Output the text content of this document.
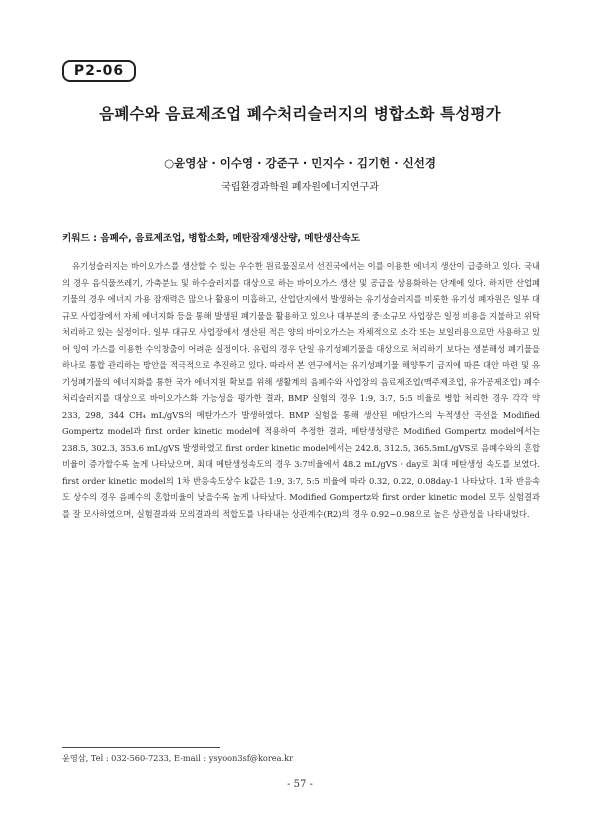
P2-06
음폐수와 음료제조업 폐수처리슬러지의 병합소화 특성평가
○윤영삼 · 이수영 · 강준구 · 민지수 · 김기헌 · 신선경
국립환경과학원 폐자원에너지연구과
키워드 : 음폐수, 음료제조업, 병합소화, 메탄잠재생산량, 메탄생산속도

유기성슬러지는 바이오가스를 생산할 수 있는 우수한 원료물질로서 선진국에서는 이를 이용한 에너지 생산이 급증하고 있다. 국내의 경우 음식물쓰레기, 가축분뇨 및 하수슬러지를 대상으로 하는 바이오가스 생산 및 공급을 상용화하는 단계에 있다. 하지만 산업폐기물의 경우 에너지 가용 잠재력은 많으나 활용이 미흡하고, 산업단지에서 발생하는 유기성슬러지를 비롯한 유기성 폐자원은 일부 대규모 사업장에서 자체 에너지화 등을 통해 발생된 폐기물을 활용하고 있으나 대부분의 중·소규모 사업장은 일정 비용을 지불하고 위탁처리하고 있는 실정이다. 일부 대규모 사업장에서 생산된 적은 양의 바이오가스는 자체적으로 소각 또는 보일러용으로만 사용하고 있어 잉여 가스를 이용한 수익창출이 어려운 실정이다. 유럽의 경우 단일 유기성폐기물을 대상으로 처리하기 보다는 생분해성 폐기물을 하나로 통합 관리하는 방안을 적극적으로 추진하고 있다. 따라서 본 연구에서는 유기성폐기물 해양투기 금지에 따른 대안 마련 및 유기성폐기물의 에너지화를 통한 국가 에너지원 확보를 위해 생활계의 음폐수와 사업장의 음료제조업(맥주제조업, 유가공제조업) 폐수처리슬러지를 대상으로 바이오가스화 가능성을 평가한 결과, BMP 실험의 경우 1:9, 3:7, 5:5 비율로 병합 처리한 경우 각각 약 233, 298, 344 CH₄ mL/gVS의 메탄가스가 발생하였다. BMP 실험을 통해 생산된 메탄가스의 누적생산 곡선을 Modified Gompertz model과 first order kinetic model에 적용하여 추정한 결과, 메탄생성량은 Modified Gompertz model에서는 238.5, 302.3, 353.6 mL/gVS 발생하였고 first order kinetic model에서는 242.8, 312.5, 365.5mL/gVS로 음폐수와의 혼합비율이 증가할수록 높게 나타났으며, 최대 메탄생성속도의 경우 3:7비율에서 48.2 mL/gVS · day로 최대 메탄생성 속도를 보였다. first order kinetic model의 1차 반응속도상수 k값은 1:9, 3:7, 5:5 비율에 따라 0.32, 0.22, 0.08day-1 나타났다. 1차 반응속도 상수의 경우 음폐수의 혼합비율이 낮을수록 높게 나타났다. Modified Gompertz와 first order kinetic model 모두 실험결과를 잘 모사하였으며, 실험결과와 모의결과의 적합도를 나타내는 상관계수(R2)의 경우 0.92~0.98으로 높은 상관성을 나타내었다.

윤영삼, Tel : 032-560-7233, E-mail : ysyoon3sf@korea.kr
- 57 -
